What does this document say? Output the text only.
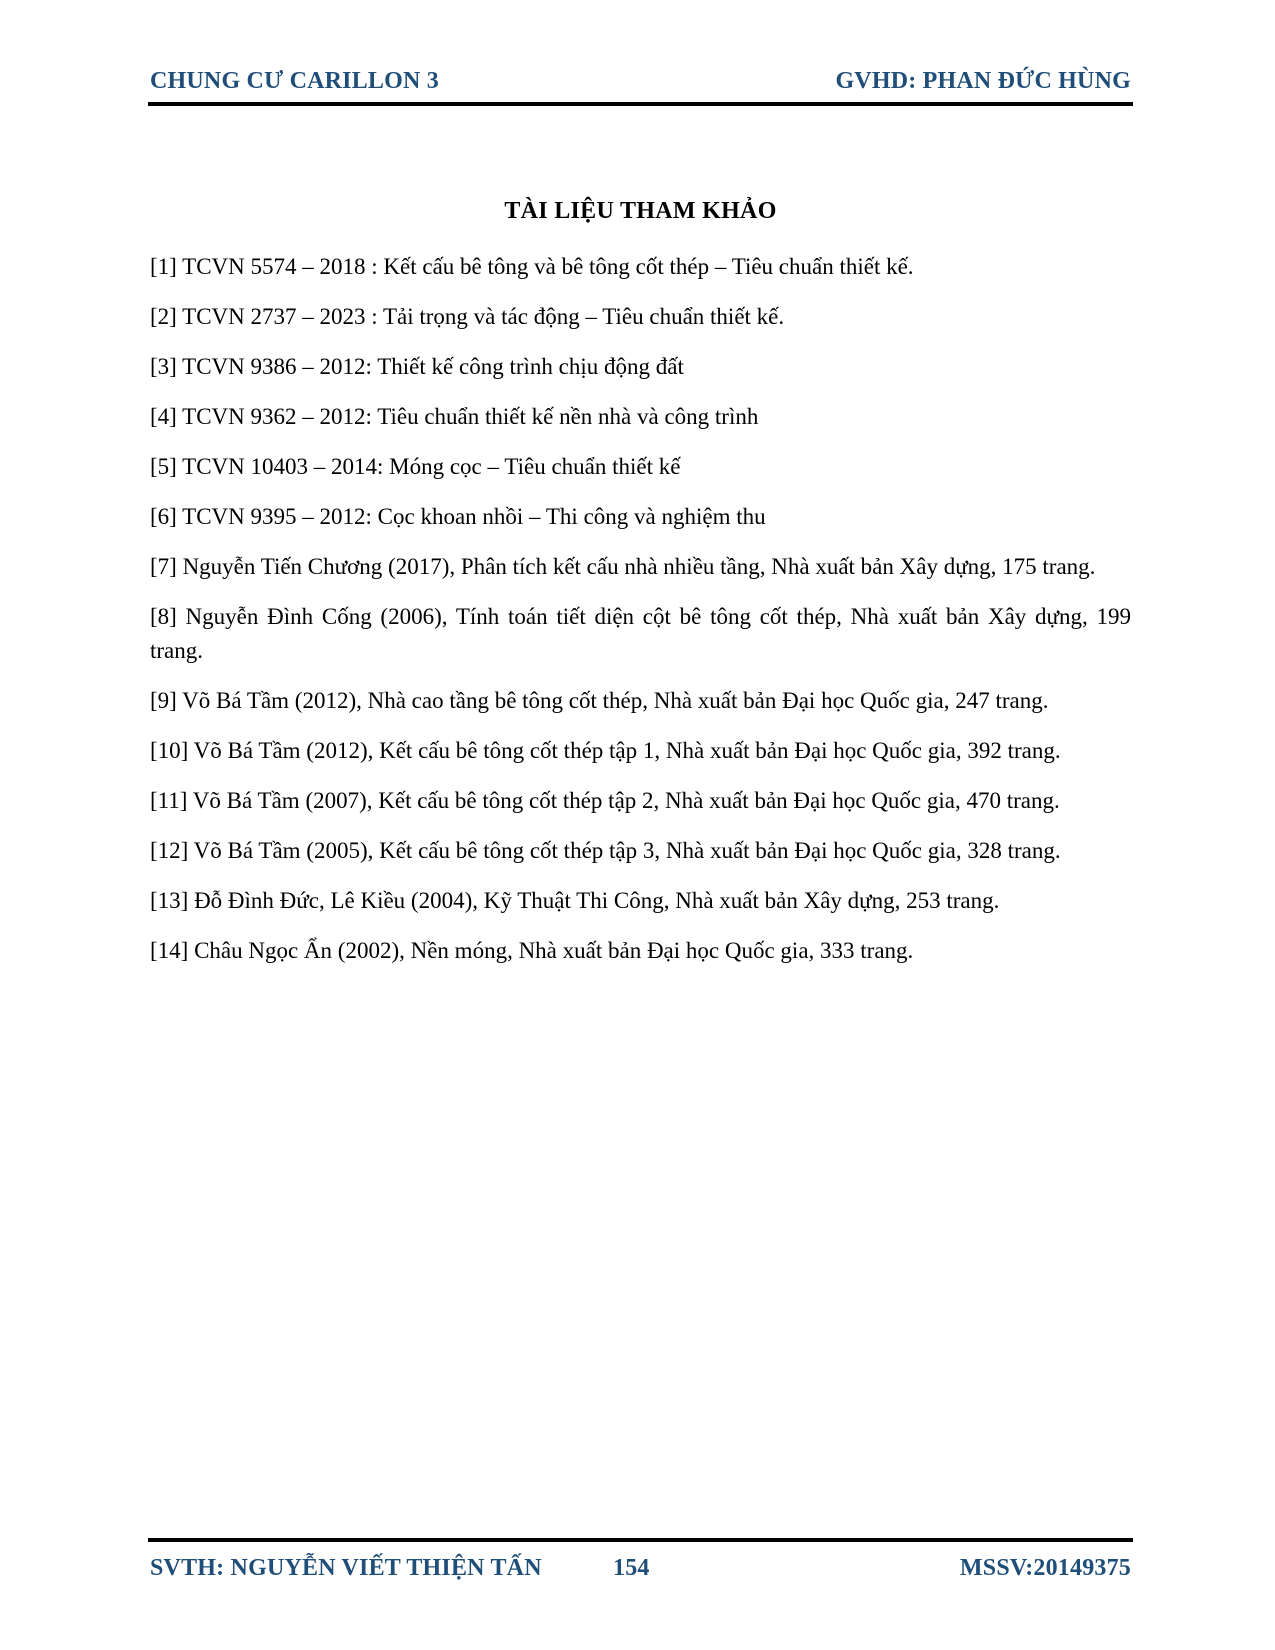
CHUNG CƯ CARILLON 3	GVHD: PHAN ĐỨC HÙNG
TÀI LIỆU THAM KHẢO

[1] TCVN 5574 – 2018 : Kết cấu bê tông và bê tông cốt thép – Tiêu chuẩn thiết kế.

[2] TCVN 2737 – 2023 : Tải trọng và tác động – Tiêu chuẩn thiết kế.

[3] TCVN 9386 – 2012: Thiết kế công trình chịu động đất

[4] TCVN 9362 – 2012: Tiêu chuẩn thiết kế nền nhà và công trình

[5] TCVN 10403 – 2014: Móng cọc – Tiêu chuẩn thiết kế

[6] TCVN 9395 – 2012: Cọc khoan nhồi – Thi công và nghiệm thu

[7] Nguyễn Tiến Chương (2017), Phân tích kết cấu nhà nhiều tầng, Nhà xuất bản Xây dựng, 175 trang.

[8] Nguyễn Đình Cống (2006), Tính toán tiết diện cột bê tông cốt thép, Nhà xuất bản Xây dựng, 199 trang.

[9] Võ Bá Tầm (2012), Nhà cao tầng bê tông cốt thép, Nhà xuất bản Đại học Quốc gia, 247 trang.

[10] Võ Bá Tầm (2012), Kết cấu bê tông cốt thép tập 1, Nhà xuất bản Đại học Quốc gia, 392 trang.

[11] Võ Bá Tầm (2007), Kết cấu bê tông cốt thép tập 2, Nhà xuất bản Đại học Quốc gia, 470 trang.

[12] Võ Bá Tầm (2005), Kết cấu bê tông cốt thép tập 3, Nhà xuất bản Đại học Quốc gia, 328 trang.

[13] Đỗ Đình Đức, Lê Kiều (2004), Kỹ Thuật Thi Công, Nhà xuất bản Xây dựng, 253 trang.

[14] Châu Ngọc Ẩn (2002), Nền móng, Nhà xuất bản Đại học Quốc gia, 333 trang.

SVTH: NGUYỄN VIẾT THIỆN TẤN	154	MSSV:20149375
